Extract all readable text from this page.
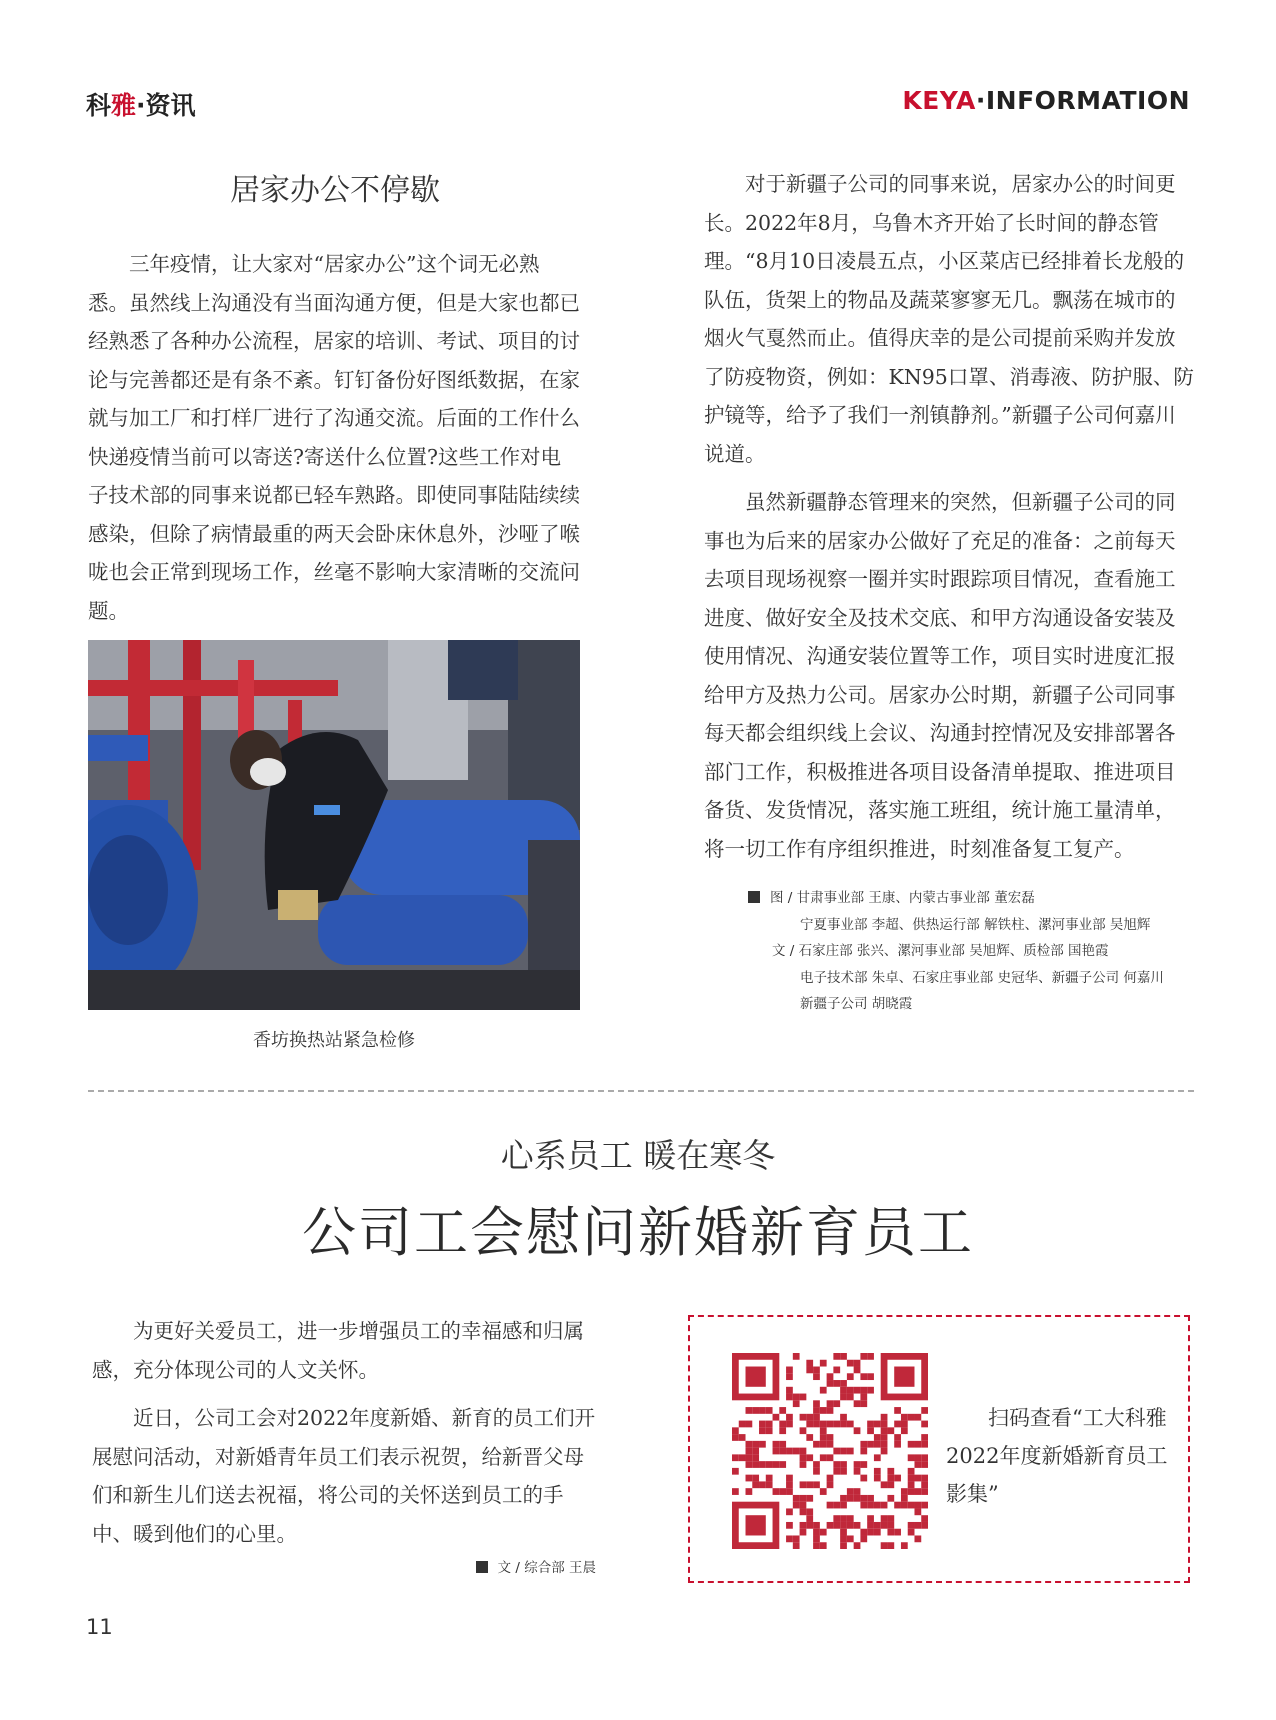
科雅·资讯	KEYA·INFORMATION
居家办公不停歇

三年疫情，让大家对“居家办公”这个词无必熟悉。虽然线上沟通没有当面沟通方便，但是大家也都已经熟悉了各种办公流程，居家的培训、考试、项目的讨论与完善都还是有条不紊。钉钉备份好图纸数据，在家就与加工厂和打样厂进行了沟通交流。后面的工作什么快递疫情当前可以寄送?寄送什么位置?这些工作对电子技术部的同事来说都已轻车熟路。即使同事陆陆续续感染，但除了病情最重的两天会卧床休息外，沙哑了喉咙也会正常到现场工作，丝毫不影响大家清晰的交流问题。

香坊换热站紧急检修

对于新疆子公司的同事来说，居家办公的时间更长。2022年8月，乌鲁木齐开始了长时间的静态管理。“8月10日凌晨五点，小区菜店已经排着长龙般的队伍，货架上的物品及蔬菜寥寥无几。飘荡在城市的烟火气戛然而止。值得庆幸的是公司提前采购并发放了防疫物资，例如：KN95口罩、消毒液、防护服、防护镜等，给予了我们一剂镇静剂。”新疆子公司何嘉川说道。

虽然新疆静态管理来的突然，但新疆子公司的同事也为后来的居家办公做好了充足的准备：之前每天去项目现场视察一圈并实时跟踪项目情况，查看施工进度、做好安全及技术交底、和甲方沟通设备安装及使用情况、沟通安装位置等工作，项目实时进度汇报给甲方及热力公司。居家办公时期，新疆子公司同事每天都会组织线上会议、沟通封控情况及安排部署各部门工作，积极推进各项目设备清单提取、推进项目备货、发货情况，落实施工班组，统计施工量清单，将一切工作有序组织推进，时刻准备复工复产。

图 / 甘肃事业部 王康、内蒙古事业部 董宏磊
宁夏事业部 李超、供热运行部 解铁柱、漯河事业部 吴旭辉
文 / 石家庄部 张兴、漯河事业部 吴旭辉、质检部 国艳霞
电子技术部 朱卓、石家庄事业部 史冠华、新疆子公司 何嘉川
新疆子公司 胡晓霞
心系员工 暖在寒冬
公司工会慰问新婚新育员工

为更好关爱员工，进一步增强员工的幸福感和归属感，充分体现公司的人文关怀。

近日，公司工会对2022年度新婚、新育的员工们开展慰问活动，对新婚青年员工们表示祝贺，给新晋父母们和新生儿们送去祝福，将公司的关怀送到员工的手中、暖到他们的心里。

文 / 综合部 王晨
扫码查看“工大科雅2022年度新婚新育员工影集”
11
